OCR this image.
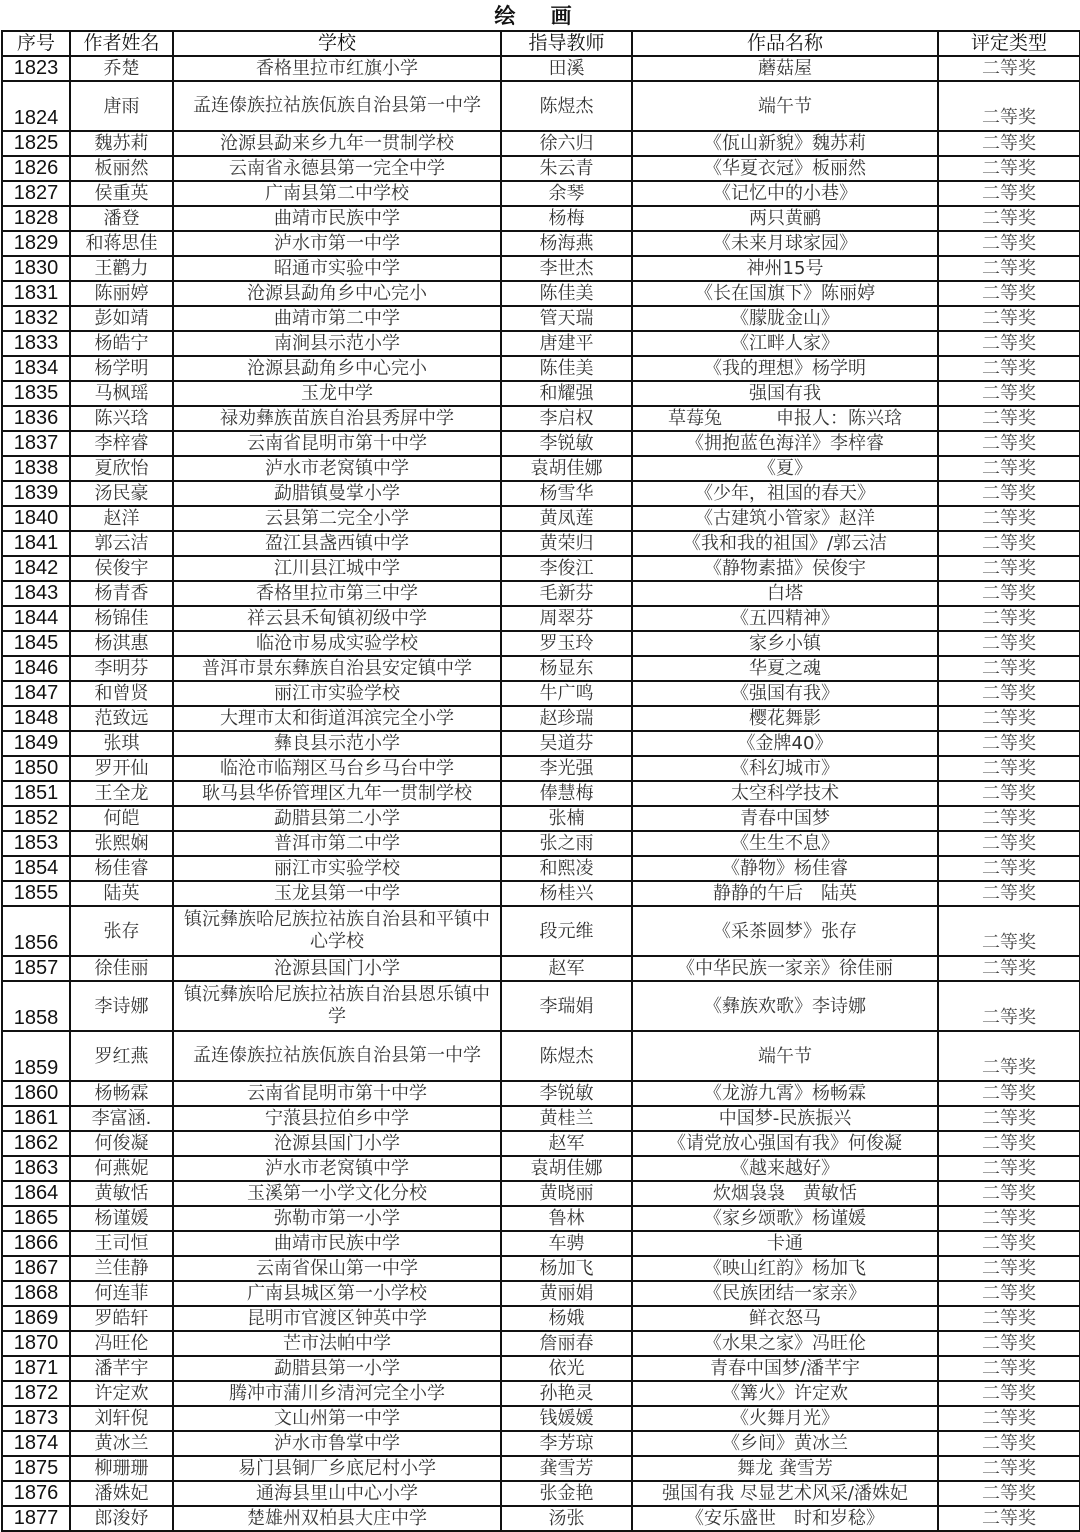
绘 画
序号	作者姓名	学校	指导教师	作品名称	评定类型
1823	乔楚	香格里拉市红旗小学	田溪	蘑菇屋	二等奖
1824	唐雨	孟连傣族拉祜族佤族自治县第一中学	陈煜杰	端午节	二等奖
1825	魏苏莉	沧源县勐来乡九年一贯制学校	徐六归	《佤山新貌》魏苏莉	二等奖
1826	板丽然	云南省永德县第一完全中学	朱云青	《华夏衣冠》板丽然	二等奖
1827	侯重英	广南县第二中学校	余琴	《记忆中的小巷》	二等奖
1828	潘登	曲靖市民族中学	杨梅	两只黄鹂	二等奖
1829	和蒋思佳	泸水市第一中学	杨海燕	《未来月球家园》	二等奖
1830	王鹳力	昭通市实验中学	李世杰	神州15号	二等奖
1831	陈丽婷	沧源县勐角乡中心完小	陈佳美	《长在国旗下》陈丽婷	二等奖
1832	彭如靖	曲靖市第二中学	管天瑞	《朦胧金山》	二等奖
1833	杨皓宁	南涧县示范小学	唐建平	《江畔人家》	二等奖
1834	杨学明	沧源县勐角乡中心完小	陈佳美	《我的理想》杨学明	二等奖
1835	马枫瑶	玉龙中学	和耀强	强国有我	二等奖
1836	陈兴琀	禄劝彝族苗族自治县秀屏中学	李启权	草莓兔　　　申报人：陈兴琀	二等奖
1837	李梓睿	云南省昆明市第十中学	李锐敏	《拥抱蓝色海洋》李梓睿	二等奖
1838	夏欣怡	泸水市老窝镇中学	袁胡佳娜	《夏》	二等奖
1839	汤民豪	勐腊镇曼掌小学	杨雪华	《少年，祖国的春天》	二等奖
1840	赵洋	云县第二完全小学	黄凤莲	《古建筑小管家》赵洋	二等奖
1841	郭云洁	盈江县盏西镇中学	黄荣归	《我和我的祖国》/郭云洁	二等奖
1842	侯俊宇	江川县江城中学	李俊江	《静物素描》侯俊宇	二等奖
1843	杨青香	香格里拉市第三中学	毛新芬	白塔	二等奖
1844	杨锦佳	祥云县禾甸镇初级中学	周翠芬	《五四精神》	二等奖
1845	杨淇惠	临沧市易成实验学校	罗玉玲	家乡小镇	二等奖
1846	李明芬	普洱市景东彝族自治县安定镇中学	杨显东	华夏之魂	二等奖
1847	和曾贤	丽江市实验学校	牛广鸣	《强国有我》	二等奖
1848	范致远	大理市太和街道洱滨完全小学	赵珍瑞	樱花舞影	二等奖
1849	张琪	彝良县示范小学	吴道芬	《金牌40》	二等奖
1850	罗开仙	临沧市临翔区马台乡马台中学	李光强	《科幻城市》	二等奖
1851	王全龙	耿马县华侨管理区九年一贯制学校	俸慧梅	太空科学技术	二等奖
1852	何皑	勐腊县第二小学	张楠	青春中国梦	二等奖
1853	张熙娴	普洱市第二中学	张之雨	《生生不息》	二等奖
1854	杨佳睿	丽江市实验学校	和熙凌	《静物》杨佳睿	二等奖
1855	陆英	玉龙县第一中学	杨桂兴	静静的午后　陆英	二等奖
1856	张存	镇沅彝族哈尼族拉祜族自治县和平镇中心学校	段元维	《采茶圆梦》张存	二等奖
1857	徐佳丽	沧源县国门小学	赵军	《中华民族一家亲》徐佳丽	二等奖
1858	李诗娜	镇沅彝族哈尼族拉祜族自治县恩乐镇中学	李瑞娟	《彝族欢歌》李诗娜	二等奖
1859	罗红燕	孟连傣族拉祜族佤族自治县第一中学	陈煜杰	端午节	二等奖
1860	杨畅霖	云南省昆明市第十中学	李锐敏	《龙游九霄》杨畅霖	二等奖
1861	李富涵.	宁蒗县拉伯乡中学	黄桂兰	中国梦-民族振兴	二等奖
1862	何俊凝	沧源县国门小学	赵军	《请党放心强国有我》何俊凝	二等奖
1863	何燕妮	泸水市老窝镇中学	袁胡佳娜	《越来越好》	二等奖
1864	黄敏恬	玉溪第一小学文化分校	黄晓丽	炊烟袅袅　黄敏恬	二等奖
1865	杨谨媛	弥勒市第一小学	鲁林	《家乡颂歌》杨谨媛	二等奖
1866	王司恒	曲靖市民族中学	车骋	卡通	二等奖
1867	兰佳静	云南省保山第一中学	杨加飞	《映山红韵》杨加飞	二等奖
1868	何连菲	广南县城区第一小学校	黄丽娟	《民族团结一家亲》	二等奖
1869	罗皓轩	昆明市官渡区钟英中学	杨娥	鲜衣怒马	二等奖
1870	冯旺伦	芒市法帕中学	詹丽春	《水果之家》冯旺伦	二等奖
1871	潘芊宇	勐腊县第一小学	依光	青春中国梦/潘芊宇	二等奖
1872	许定欢	腾冲市蒲川乡清河完全小学	孙艳灵	《篝火》许定欢	二等奖
1873	刘轩倪	文山州第一中学	钱媛媛	《火舞月光》	二等奖
1874	黄冰兰	泸水市鲁掌中学	李芳琼	《乡间》黄冰兰	二等奖
1875	柳珊珊	易门县铜厂乡底尼村小学	龚雪芳	舞龙 龚雪芳	二等奖
1876	潘姝妃	通海县里山中心小学	张金艳	强国有我 尽显艺术风采/潘姝妃	二等奖
1877	郎浚妤	楚雄州双柏县大庄中学	汤张	《安乐盛世　时和岁稔》	二等奖
